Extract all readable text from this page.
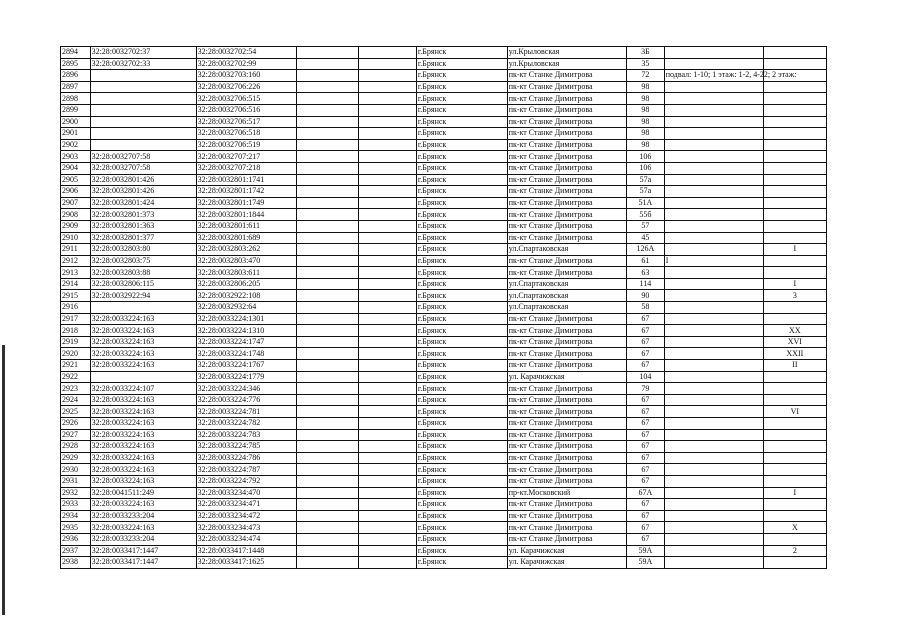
2894	32:28:0032702:37	32:28:0032702:54			г.Брянск	ул.Крыловская	3Б		
2895	32:28:0032702:33	32:28:0032702:99			г.Брянск	ул.Крыловская	35		
2896		32:28:0032703:160			г.Брянск	пк-кт Станке Димитрова	72	подвал: 1-10; 1 этаж: 1-2, 4-22; 2 этаж:	
2897		32:28:0032706:226			г.Брянск	пк-кт Станке Димитрова	98		
2898		32:28:0032706:515			г.Брянск	пк-кт Станке Димитрова	98		
2899		32:28:0032706:516			г.Брянск	пк-кт Станке Димитрова	98		
2900		32:28:0032706:517			г.Брянск	пк-кт Станке Димитрова	98		
2901		32:28:0032706:518			г.Брянск	пк-кт Станке Димитрова	98		
2902		32:28:0032706:519			г.Брянск	пк-кт Станке Димитрова	98		
2903	32:28:0032707:58	32:28:0032707:217			г.Брянск	пк-кт Станке Димитрова	106		
2904	32:28:0032707:58	32:28:0032707:218			г.Брянск	пк-кт Станке Димитрова	106		
2905	32:28:0032801:426	32:28:0032801:1741			г.Брянск	пк-кт Станке Димитрова	57а		
2906	32:28:0032801:426	32:28:0032801:1742			г.Брянск	пк-кт Станке Димитрова	57а		
2907	32:28:0032801:424	32:28:0032801:1749			г.Брянск	пк-кт Станке Димитрова	51А		
2908	32:28:0032801:373	32:28:0032801:1844			г.Брянск	пк-кт Станке Димитрова	55б		
2909	32:28:0032801:363	32:28:0032801:611			г.Брянск	пк-кт Станке Димитрова	57		
2910	32:28:0032801:377	32:28:0032801:689			г.Брянск	пк-кт Станке Димитрова	45		
2911	32:28:0032803:80	32:28:0032803:262			г.Брянск	ул.Спартаковская	126А		I
2912	32:28:0032803:75	32:28:0032803:470			г.Брянск	пк-кт Станке Димитрова	61	I	
2913	32:28:0032803:88	32:28:0032803:611			г.Брянск	пк-кт Станке Димитрова	63		
2914	32:28:0032806:115	32:28:0032806:205			г.Брянск	ул.Спартаковская	114		I
2915	32:28:0032922:94	32:28:0032922:108			г.Брянск	ул.Спартаковская	90		3
2916		32:28:0032932:64			г.Брянск	ул.Спартаковская	58		
2917	32:28:0033224:163	32:28:0033224:1301			г.Брянск	пк-кт Станке Димитрова	67		
2918	32:28:0033224:163	32:28:0033224:1310			г.Брянск	пк-кт Станке Димитрова	67		XX
2919	32:28:0033224:163	32:28:0033224:1747			г.Брянск	пк-кт Станке Димитрова	67		XVI
2920	32:28:0033224:163	32:28:0033224:1748			г.Брянск	пк-кт Станке Димитрова	67		XXII
2921	32:28:0033224:163	32:28:0033224:1767			г.Брянск	пк-кт Станке Димитрова	67		II
2922		32:28:0033224:1779			г.Брянск	ул. Карачижская	104		
2923	32:28:0033224:107	32:28:0033224:346			г.Брянск	пк-кт Станке Димитрова	79		
2924	32:28:0033224:163	32:28:0033224:776			г.Брянск	пк-кт Станке Димитрова	67		
2925	32:28:0033224:163	32:28:0033224:781			г.Брянск	пк-кт Станке Димитрова	67		VI
2926	32:28:0033224:163	32:28:0033224:782			г.Брянск	пк-кт Станке Димитрова	67		
2927	32:28:0033224:163	32:28:0033224:783			г.Брянск	пк-кт Станке Димитрова	67		
2928	32:28:0033224:163	32:28:0033224:785			г.Брянск	пк-кт Станке Димитрова	67		
2929	32:28:0033224:163	32:28:0033224:786			г.Брянск	пк-кт Станке Димитрова	67		
2930	32:28:0033224:163	32:28:0033224:787			г.Брянск	пк-кт Станке Димитрова	67		
2931	32:28:0033224:163	32:28:0033224:792			г.Брянск	пк-кт Станке Димитрова	67		
2932	32:28:0041511:249	32:28:0033234:470			г.Брянск	пр-кт.Московский	67А		I
2933	32:28:0033224:163	32:28:0033234:471			г.Брянск	пк-кт Станке Димитрова	67		
2934	32:28:0033233:204	32:28:0033234:472			г.Брянск	пк-кт Станке Димитрова	67		
2935	32:28:0033224:163	32:28:0033234:473			г.Брянск	пк-кт Станке Димитрова	67		X
2936	32:28:0033233:204	32:28:0033234:474			г.Брянск	пк-кт Станке Димитрова	67		
2937	32:28:0033417:1447	32:28:0033417:1448			г.Брянск	ул. Карачижская	59А		2
2938	32:28:0033417:1447	32:28:0033417:1625			г.Брянск	ул. Карачижская	59А		
